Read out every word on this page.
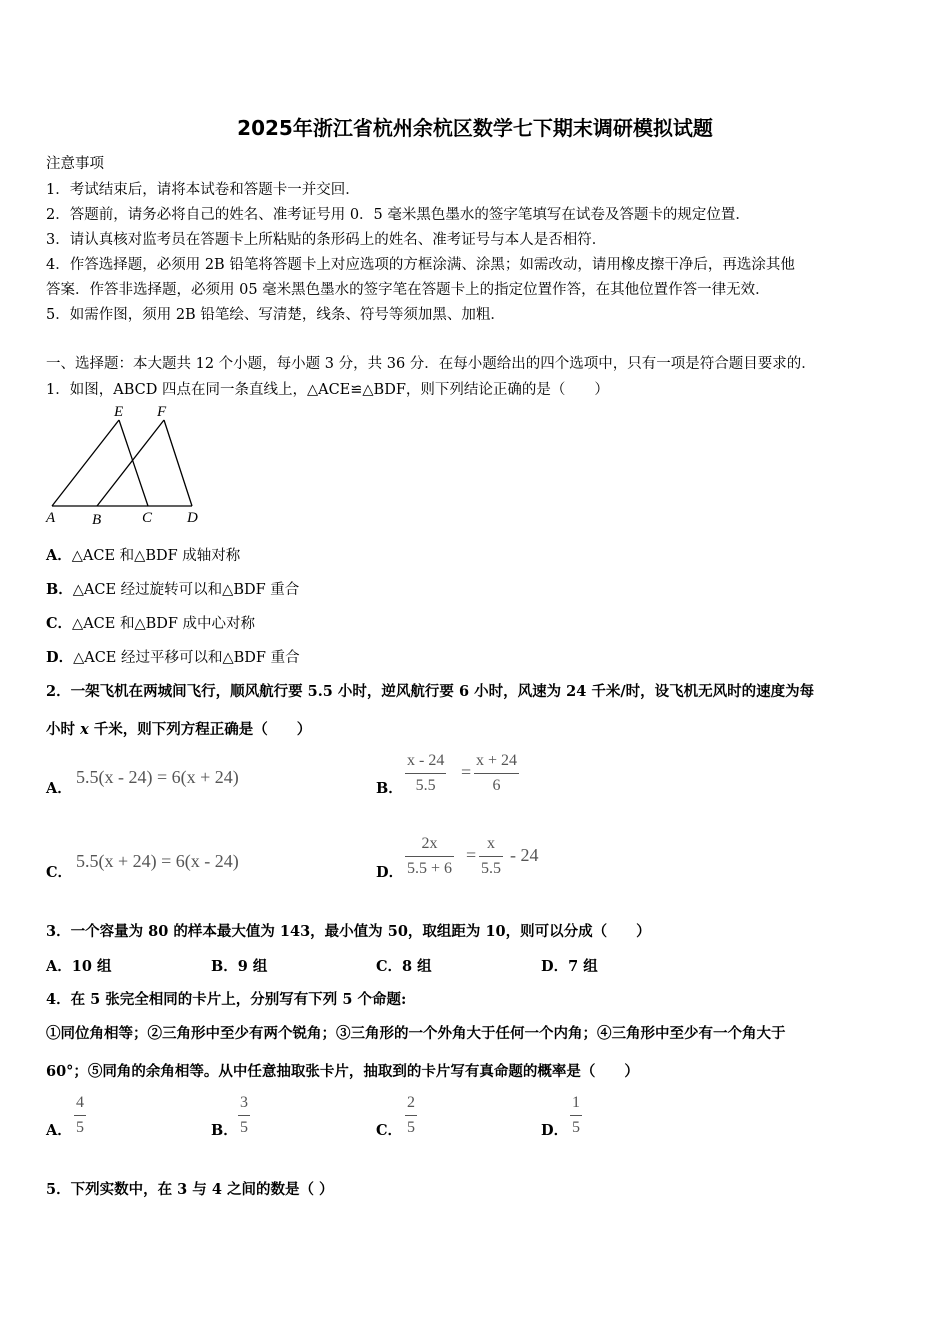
2025年浙江省杭州余杭区数学七下期末调研模拟试题
注意事项
1．考试结束后，请将本试卷和答题卡一并交回．
2．答题前，请务必将自己的姓名、准考证号用 0．5 毫米黑色墨水的签字笔填写在试卷及答题卡的规定位置．
3．请认真核对监考员在答题卡上所粘贴的条形码上的姓名、准考证号与本人是否相符．
4．作答选择题，必须用 2B 铅笔将答题卡上对应选项的方框涂满、涂黑；如需改动，请用橡皮擦干净后，再选涂其他
答案．作答非选择题，必须用 05 毫米黑色墨水的签字笔在答题卡上的指定位置作答，在其他位置作答一律无效．
5．如需作图，须用 2B 铅笔绘、写清楚，线条、符号等须加黑、加粗．
一、选择题：本大题共 12 个小题，每小题 3 分，共 36 分．在每小题给出的四个选项中，只有一项是符合题目要求的．
1．如图，ABCD 四点在同一条直线上，△ACE≌△BDF，则下列结论正确的是（　　）
A B	C D
E F
A．△ACE 和△BDF 成轴对称
B．△ACE 经过旋转可以和△BDF 重合
C．△ACE 和△BDF 成中心对称
D．△ACE 经过平移可以和△BDF 重合
2．一架飞机在两城间飞行，顺风航行要 5.5 小时，逆风航行要 6 小时，风速为 24 千米/时，设飞机无风时的速度为每
小时 x 千米，则下列方程正确是（　　）
A．
5.5(x - 24) = 6(x + 24)
B．
x - 24
5.5
=
x + 24
6
C．
5.5(x + 24) = 6(x - 24)
D．
2x
5.5 + 6
=
x
5.5
- 24
3．一个容量为 80 的样本最大值为 143，最小值为 50，取组距为 10，则可以分成（　　）
A．10 组	B．9 组	C．8 组	D．7 组
4．在 5 张完全相同的卡片上，分别写有下列 5 个命题:
①同位角相等；②三角形中至少有两个锐角；③三角形的一个外角大于任何一个内角；④三角形中至少有一个角大于
60°；⑤同角的余角相等。从中任意抽取张卡片，抽取到的卡片写有真命题的概率是（　　）
A．
4
5	B．
3
5	C．
2
5	D．
1
5
5．下列实数中，在 3 与 4 之间的数是（ ）
